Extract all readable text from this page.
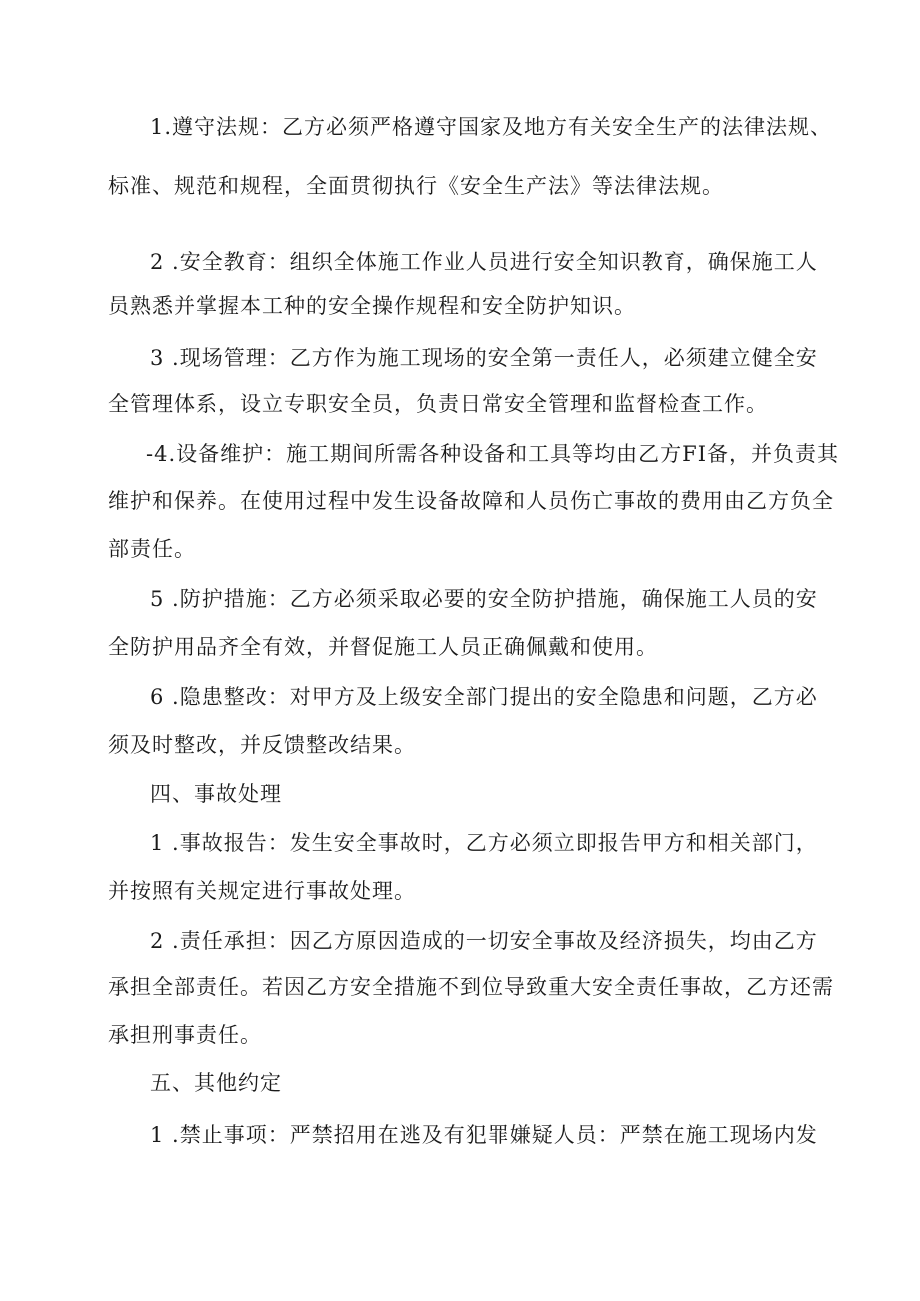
1.遵守法规：乙方必须严格遵守国家及地方有关安全生产的法律法规、
标准、规范和规程，全面贯彻执行《安全生产法》等法律法规。
2 .安全教育：组织全体施工作业人员进行安全知识教育，确保施工人
员熟悉并掌握本工种的安全操作规程和安全防护知识。
3 .现场管理：乙方作为施工现场的安全第一责任人，必须建立健全安
全管理体系，设立专职安全员，负责日常安全管理和监督检查工作。
-4.设备维护：施工期间所需各种设备和工具等均由乙方FI备，并负责其
维护和保养。在使用过程中发生设备故障和人员伤亡事故的费用由乙方负全
部责任。
5 .防护措施：乙方必须采取必要的安全防护措施，确保施工人员的安
全防护用品齐全有效，并督促施工人员正确佩戴和使用。
6 .隐患整改：对甲方及上级安全部门提出的安全隐患和问题，乙方必
须及时整改，并反馈整改结果。
四、事故处理
1 .事故报告：发生安全事故时，乙方必须立即报告甲方和相关部门，
并按照有关规定进行事故处理。
2 .责任承担：因乙方原因造成的一切安全事故及经济损失，均由乙方
承担全部责任。若因乙方安全措施不到位导致重大安全责任事故，乙方还需
承担刑事责任。
五、其他约定
1 .禁止事项：严禁招用在逃及有犯罪嫌疑人员：严禁在施工现场内发
